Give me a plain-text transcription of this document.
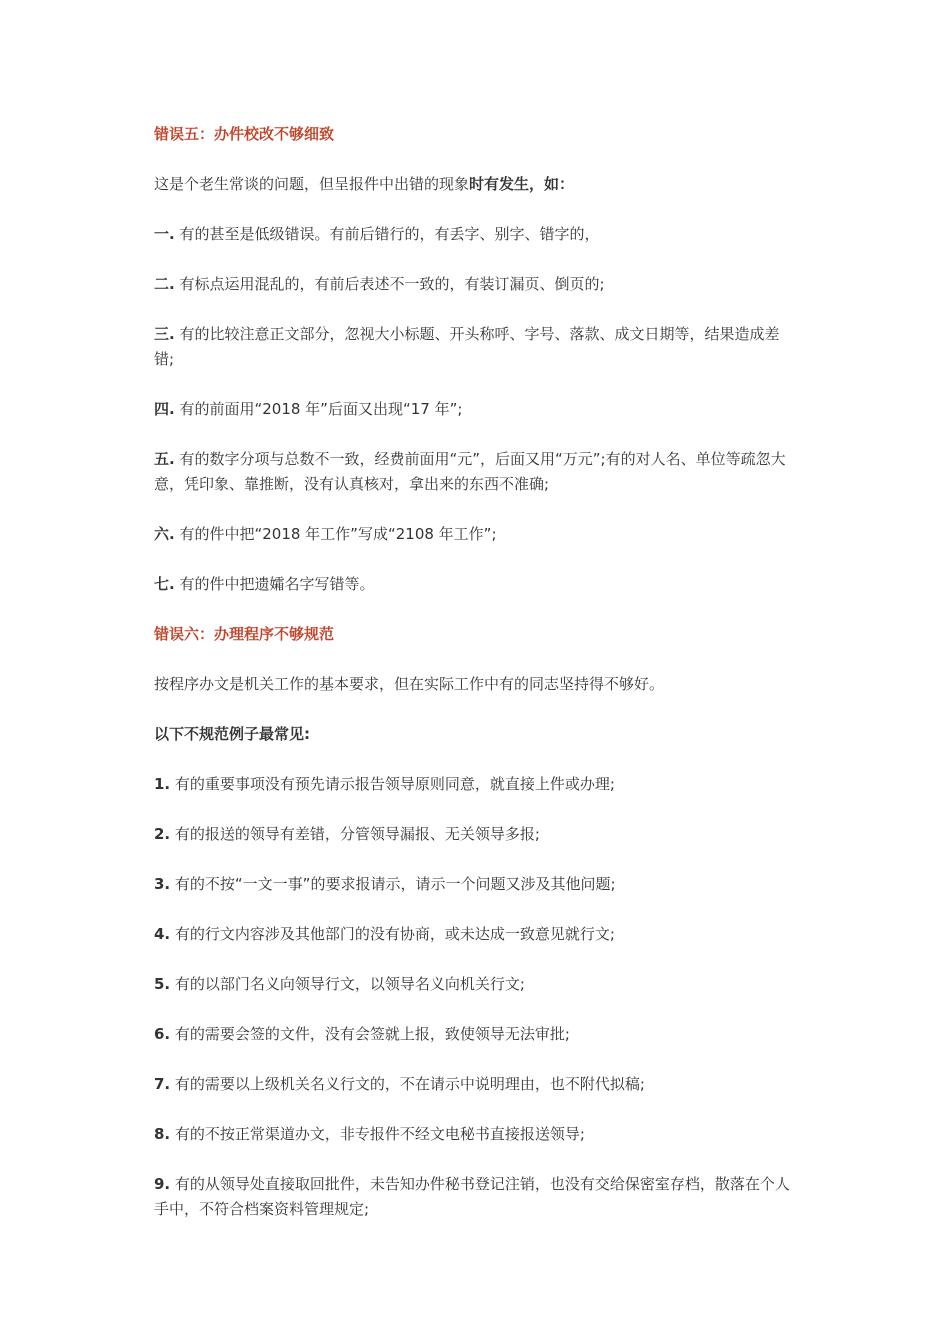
错误五：办件校改不够细致

这是个老生常谈的问题，但呈报件中出错的现象时有发生，如：

一. 有的甚至是低级错误。有前后错行的，有丢字、别字、错字的，

二. 有标点运用混乱的，有前后表述不一致的，有装订漏页、倒页的;

三. 有的比较注意正文部分，忽视大小标题、开头称呼、字号、落款、成文日期等，结果造成差错;

四. 有的前面用“2018 年”后面又出现“17 年”;

五. 有的数字分项与总数不一致，经费前面用“元”，后面又用“万元”;有的对人名、单位等疏忽大意，凭印象、靠推断，没有认真核对，拿出来的东西不准确;

六. 有的件中把“2018 年工作”写成“2108 年工作”;

七. 有的件中把遗孀名字写错等。

错误六：办理程序不够规范

按程序办文是机关工作的基本要求，但在实际工作中有的同志坚持得不够好。

以下不规范例子最常见:

1. 有的重要事项没有预先请示报告领导原则同意，就直接上件或办理;

2. 有的报送的领导有差错，分管领导漏报、无关领导多报;

3. 有的不按“一文一事”的要求报请示，请示一个问题又涉及其他问题;

4. 有的行文内容涉及其他部门的没有协商，或未达成一致意见就行文;

5. 有的以部门名义向领导行文，以领导名义向机关行文;

6. 有的需要会签的文件，没有会签就上报，致使领导无法审批;

7. 有的需要以上级机关名义行文的，不在请示中说明理由，也不附代拟稿;

8. 有的不按正常渠道办文，非专报件不经文电秘书直接报送领导;

9. 有的从领导处直接取回批件，未告知办件秘书登记注销，也没有交给保密室存档，散落在个人手中，不符合档案资料管理规定;
